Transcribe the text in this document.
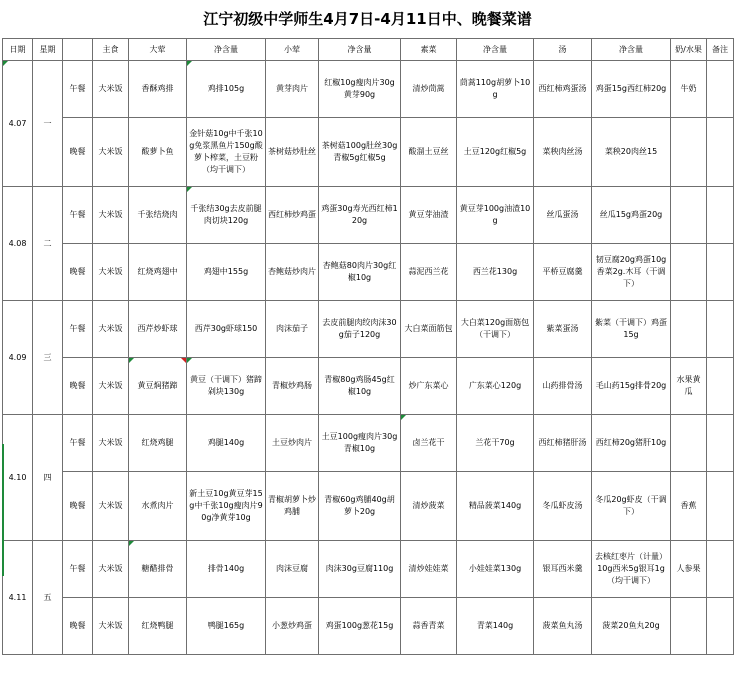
江宁初级中学师生4月7日-4月11日中、晚餐菜谱
日期	星期		主食	大荤	净含量	小荤	净含量	素菜	净含量	汤	净含量	奶/水果	备注
4.07	一	午餐	大米饭	香酥鸡排	鸡排105g	黄芽肉片	红椒10g瘦肉片30g黄芽90g	清炒茼蒿	茼蒿110g胡萝卜10g	西红柿鸡蛋汤	鸡蛋15g西红柿20g	牛奶	
		晚餐	大米饭	酸萝卜鱼	金针菇10g中千张10g免浆黑鱼片150g酸萝卜榨菜，土豆粉（均干调下）	茶树菇炒肚丝	茶树菇100g肚丝30g青椒5g红椒5g	酸溜土豆丝	土豆120g红椒5g	菜秧肉丝汤	菜秧20肉丝15		
4.08	二	午餐	大米饭	千张结烧肉	千张结30g去皮前腿肉切块120g	西红柿炒鸡蛋	鸡蛋30g寿光西红柿120g	黄豆芽油渣	黄豆芽100g油渣10g	丝瓜蛋汤	丝瓜15g鸡蛋20g		
		晚餐	大米饭	红烧鸡翅中	鸡翅中155g	杏鲍菇炒肉片	杏鲍菇80肉片30g红椒10g	蒜泥西兰花	西兰花130g	平桥豆腐羹	韧豆腐20g鸡蛋10g香菜2g.木耳（干调下）		
4.09	三	午餐	大米饭	西芹炒虾球	西芹30g虾球150	肉沫茄子	去皮前腿肉绞肉沫30g茄子120g	大白菜面筋包	大白菜120g面筋包（干调下）	紫菜蛋汤	紫菜（干调下）鸡蛋15g		
		晚餐	大米饭	黄豆焖猪蹄	黄豆（干调下）猪蹄剁块130g	青椒炒鸡肠	青椒80g鸡肠45g红椒10g	炒广东菜心	广东菜心120g	山药排骨汤	毛山药15g排骨20g	水果黄瓜	
4.10	四	午餐	大米饭	红烧鸡腿	鸡腿140g	土豆炒肉片	土豆100g瘦肉片30g青椒10g	卤兰花干	兰花干70g	西红柿猪肝汤	西红柿20g猪肝10g		
		晚餐	大米饭	水煮肉片	新土豆10g黄豆芽15g中千张10g瘦肉片90g净黄芽10g	青椒胡萝卜炒鸡脯	青椒60g鸡脯40g胡萝卜20g	清炒菠菜	精品菠菜140g	冬瓜虾皮汤	冬瓜20g虾皮（干调下）	香蕉	
4.11	五	午餐	大米饭	糖醋排骨	排骨140g	肉沫豆腐	肉沫30g豆腐110g	清炒娃娃菜	小娃娃菜130g	银耳西米羹	去核红枣片（计量）10g西米5g银耳1g（均干调下）	人参果	
		晚餐	大米饭	红烧鸭腿	鸭腿165g	小葱炒鸡蛋	鸡蛋100g葱花15g	蒜香青菜	青菜140g	菠菜鱼丸汤	菠菜20鱼丸20g		
